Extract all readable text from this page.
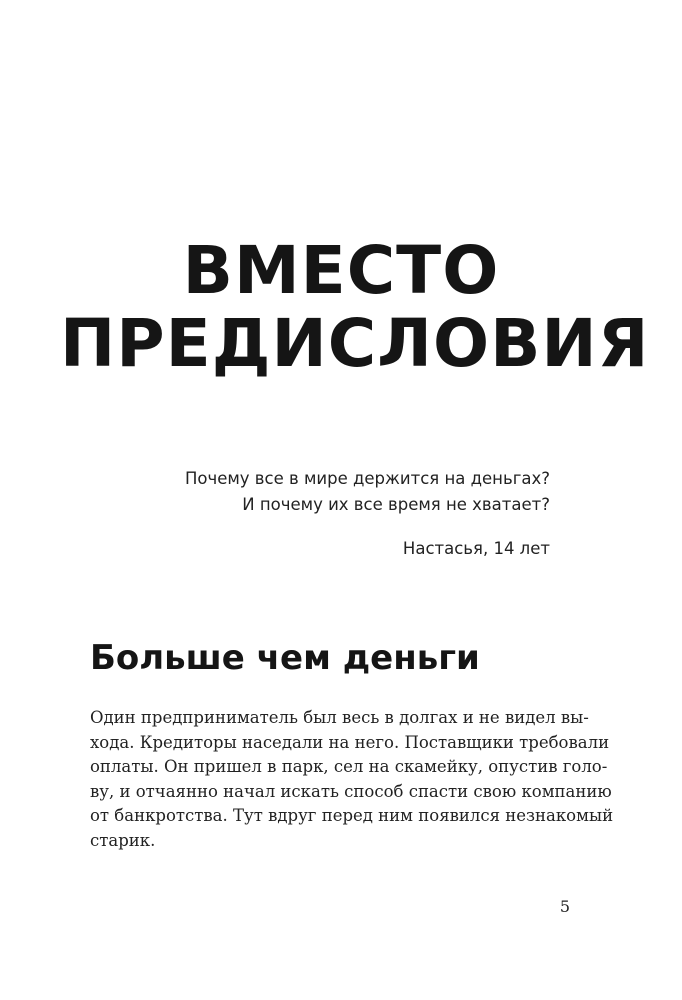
ВМЕСТО
ПРЕДИСЛОВИЯ
Почему все в мире держится на деньгах?
И почему их все время не хватает?
Настасья, 14 лет
Больше чем деньги

Один предприниматель был весь в долгах и не видел вы-
хода. Кредиторы наседали на него. Поставщики требовали
оплаты. Он пришел в парк, сел на скамейку, опустив голо-
ву, и отчаянно начал искать способ спасти свою компанию
от банкротства. Тут вдруг перед ним появился незнакомый
старик.

5
